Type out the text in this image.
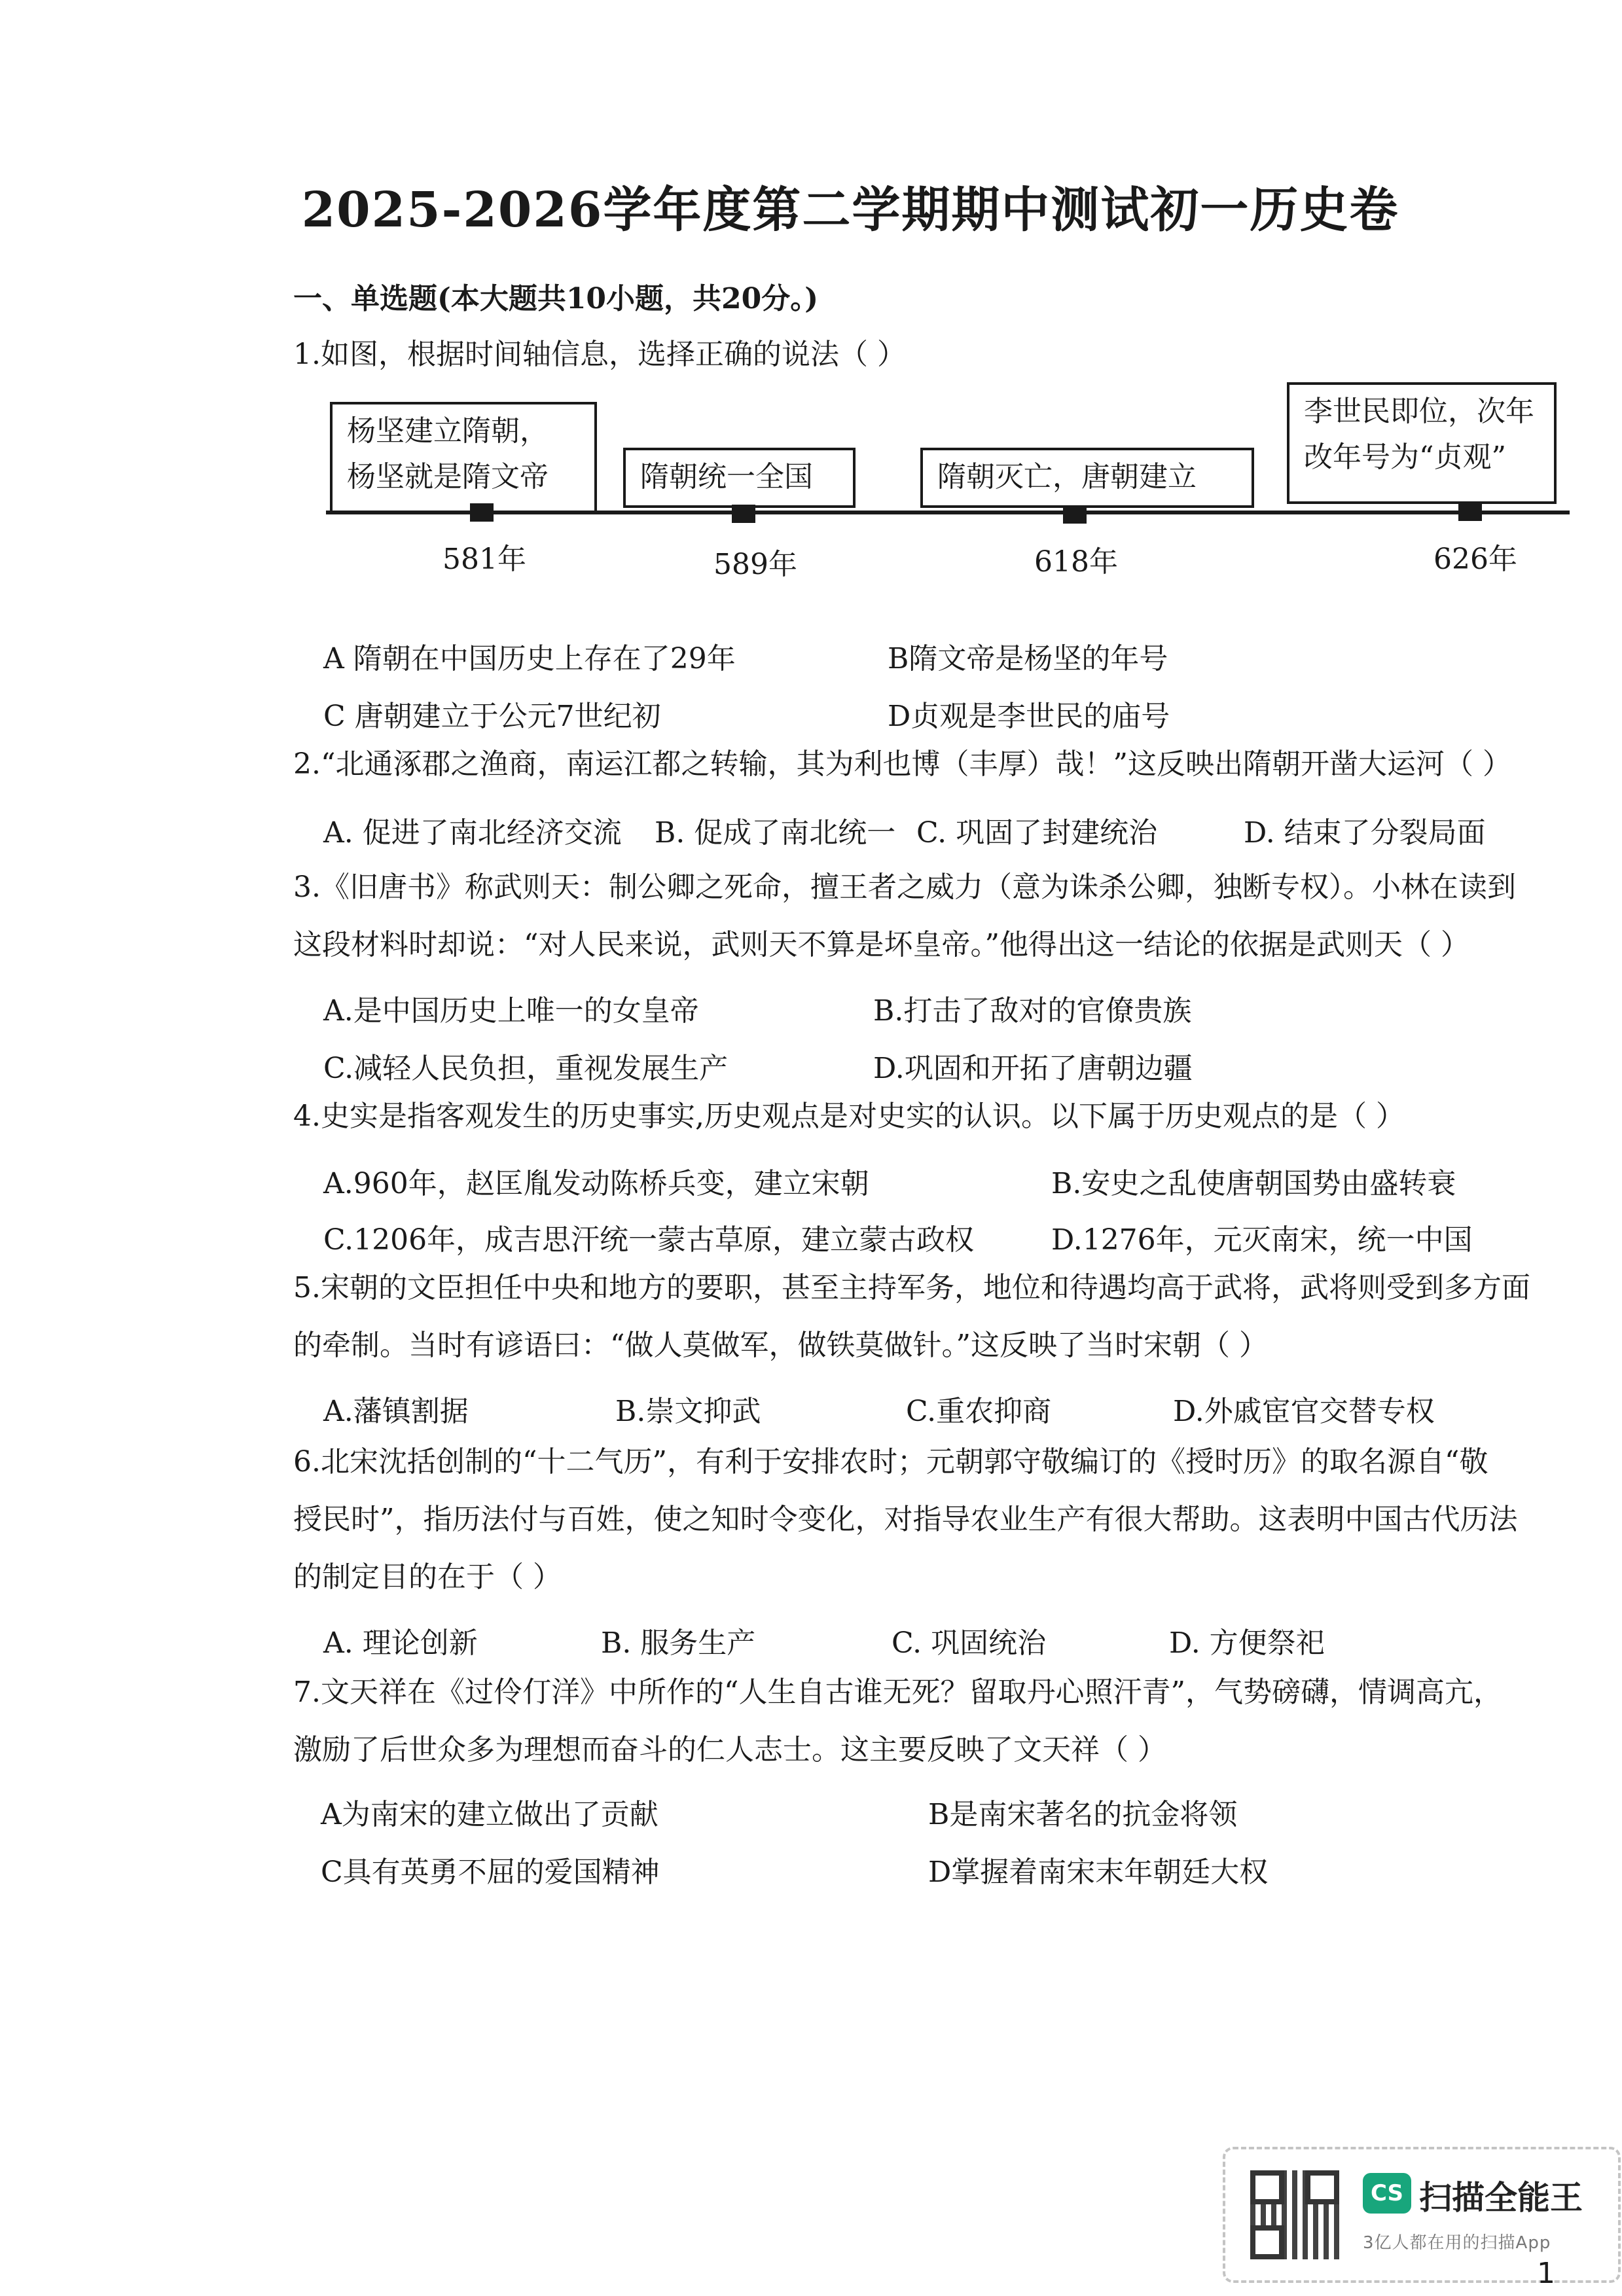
2025-2026学年度第二学期期中测试初一历史卷
一、单选题(本大题共10小题，共20分。)
1.如图，根据时间轴信息，选择正确的说法（ ）
杨坚建立隋朝，
杨坚就是隋文帝
581年
隋朝统一全国
589年
隋朝灭亡，唐朝建立
618年
李世民即位，次年
改年号为“贞观”
626年
A 隋朝在中国历史上存在了29年	B隋文帝是杨坚的年号
C 唐朝建立于公元7世纪初	D贞观是李世民的庙号
2.“北通涿郡之渔商，南运江都之转输，其为利也博（丰厚）哉！”这反映出隋朝开凿大运河（ ）
A. 促进了南北经济交流 B. 促成了南北统一 C. 巩固了封建统治	D. 结束了分裂局面
3.《旧唐书》称武则天：制公卿之死命，擅王者之威力（意为诛杀公卿，独断专权）。小林在读到
这段材料时却说：“对人民来说，武则天不算是坏皇帝。”他得出这一结论的依据是武则天（ ）
A.是中国历史上唯一的女皇帝	B.打击了敌对的官僚贵族
C.减轻人民负担，重视发展生产	D.巩固和开拓了唐朝边疆
4.史实是指客观发生的历史事实,历史观点是对史实的认识。以下属于历史观点的是（ ）
A.960年，赵匡胤发动陈桥兵变，建立宋朝	B.安史之乱使唐朝国势由盛转衰
C.1206年，成吉思汗统一蒙古草原，建立蒙古政权	D.1276年，元灭南宋，统一中国
5.宋朝的文臣担任中央和地方的要职，甚至主持军务，地位和待遇均高于武将，武将则受到多方面
的牵制。当时有谚语曰：“做人莫做军，做铁莫做针。”这反映了当时宋朝（ ）
A.藩镇割据	B.崇文抑武	C.重农抑商	D.外戚宦官交替专权
6.北宋沈括创制的“十二气历”，有利于安排农时；元朝郭守敬编订的《授时历》的取名源自“敬
授民时”，指历法付与百姓，使之知时令变化，对指导农业生产有很大帮助。这表明中国古代历法
的制定目的在于（ ）
A. 理论创新	B. 服务生产	C. 巩固统治	D. 方便祭祀
7.文天祥在《过伶仃洋》中所作的“人生自古谁无死？留取丹心照汗青”，气势磅礴，情调高亢，
激励了后世众多为理想而奋斗的仁人志士。这主要反映了文天祥（ ）
A为南宋的建立做出了贡献	B是南宋著名的抗金将领
C具有英勇不屈的爱国精神	D掌握着南宋末年朝廷大权
CS 扫描全能王
3亿人都在用的扫描App
1
